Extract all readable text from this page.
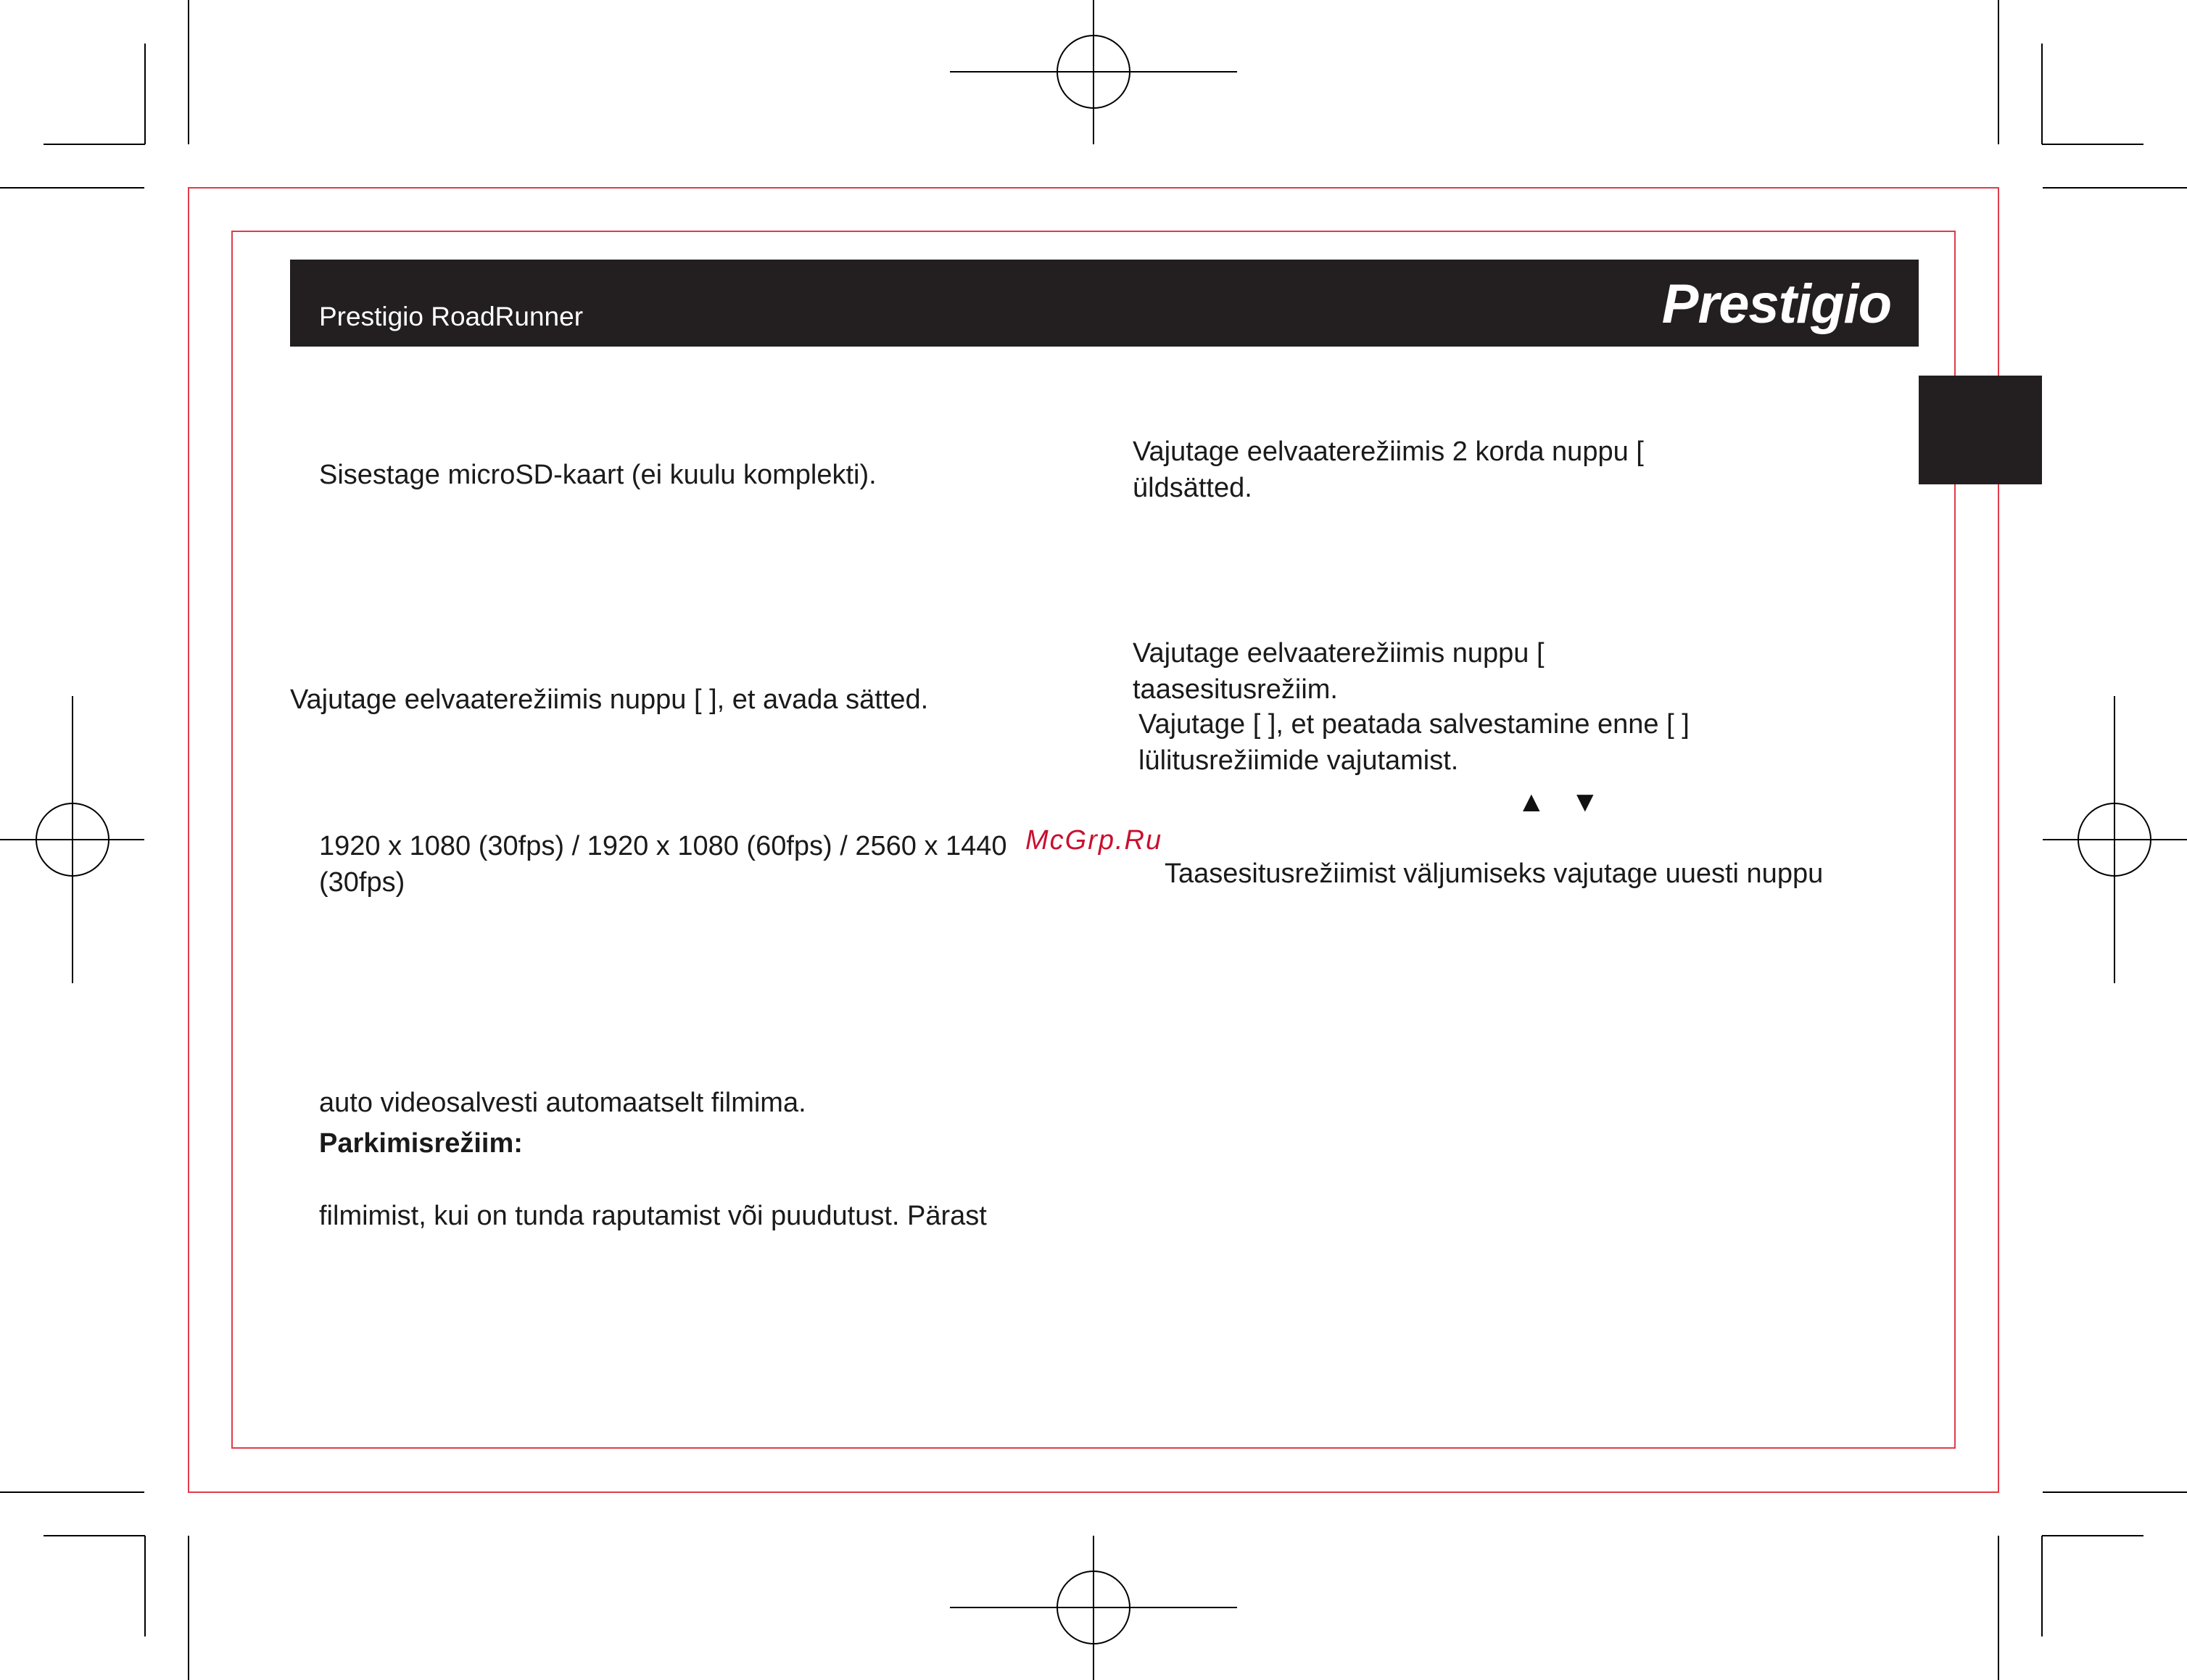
Prestigio RoadRunner	Prestigio
Sisestage microSD-kaart (ei kuulu komplekti).
Vajutage eelvaaterežiimis nuppu [ ], et avada sätted.
1920 x 1080 (30fps) / 1920 x 1080 (60fps) / 2560 x 1440
(30fps)
auto videosalvesti automaatselt filmima.
Parkimisrežiim:
filmimist, kui on tunda raputamist või puudutust. Pärast
McGrp.Ru
Vajutage eelvaaterežiimis 2 korda nuppu [
üldsätted.
Vajutage eelvaaterežiimis nuppu [
taasesitusrežiim.
Vajutage [ ], et peatada salvestamine enne [ ]
lülitusrežiimide vajutamist.
▲ ▼
Taasesitusrežiimist väljumiseks vajutage uuesti nuppu
